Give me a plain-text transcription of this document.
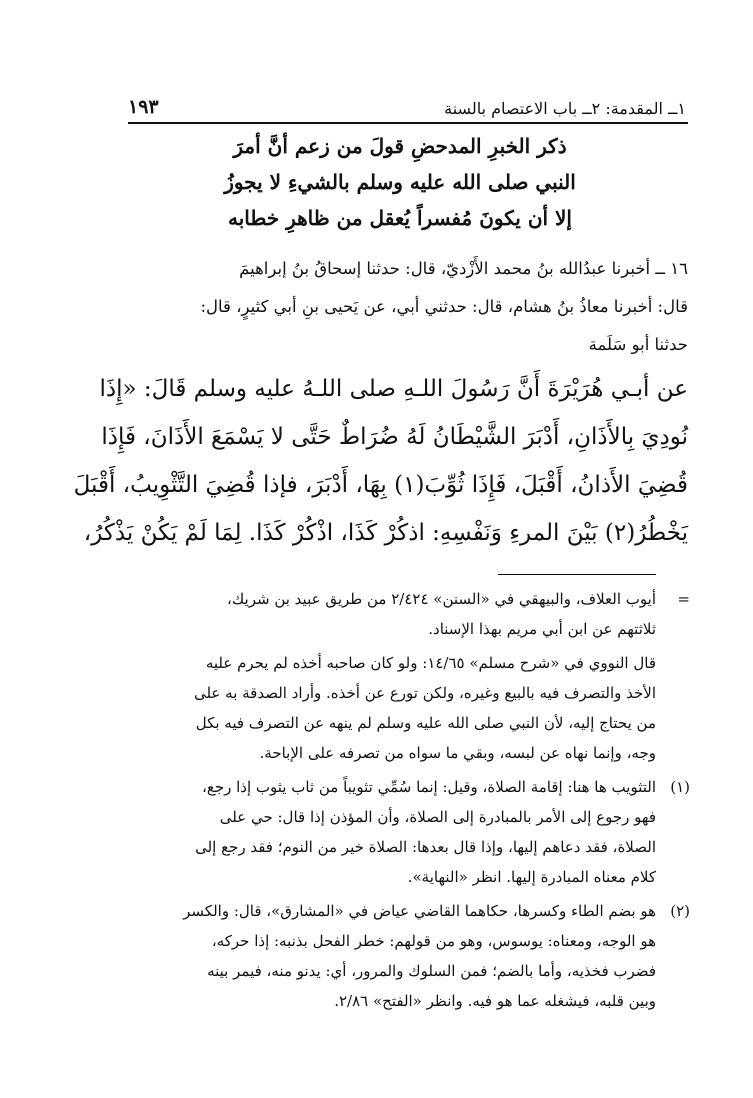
١ــ المقدمة: ٢ــ باب الاعتصام بالسنة
١٩٣
ذكر الخبرِ المدحضِ قولَ من زعم أنَّ أمرَ
النبي صلى الله عليه وسلم بالشيءِ لا يجوزُ
إلا أن يكونَ مُفسراً يُعقل من ظاهرِ خطابه
١٦ ــ أخبرنا عبدُالله بنُ محمد الأَزْديّ، قال: حدثنا إسحاقُ بنُ إبراهيمَ
قال: أخبرنا معاذُ بنُ هشام، قال: حدثني أبي، عن يَحيى بنِ أبي كثيرٍ، قال:
حدثنا أبو سَلَمة
عن أبـي هُرَيْرَةَ أَنَّ رَسُولَ اللـهِ صلى اللـهُ عليه وسلم قَالَ: «إِذَا
نُودِيَ بِالأَذَانِ، أَدْبَرَ الشَّيْطَانُ لَهُ ضُرَاطٌ حَتَّى لا يَسْمَعَ الأَذَانَ، فَإِذَا
قُضِيَ الأَذانُ، أَقْبَلَ، فَإِذَا ثُوِّبَ(١) بِهَا، أَدْبَرَ، فإذا قُضِيَ التَّثْوِيبُ، أَقْبَلَ
يَخْطُرُ(٢) بَيْنَ المرءِ وَنَفْسِهِ: اذكُرْ كَذَا، اذْكُرْ كَذَا. لِمَا لَمْ يَكُنْ يَذْكُرُ،
=
أيوب العلاف، والبيهقي في «السنن» ٢/٤٢٤ من طريق عبيد بن شريك،
ثلاثتهم عن ابن أبي مريم بهذا الإسناد.
قال النووي في «شرح مسلم» ١٤/٦٥: ولو كان صاحبه أخذه لم يحرم عليه
الأخذ والتصرف فيه بالبيع وغيره، ولكن تورع عن أخذه. وأراد الصدقة به على
من يحتاج إليه، لأن النبي صلى الله عليه وسلم لم ينهه عن التصرف فيه بكل
وجه، وإنما نهاه عن لبسه، وبقي ما سواه من تصرفه على الإباحة.
(١)
التثويب ها هنا: إقامة الصلاة، وقيل: إنما سُمِّي تثويباً من ثاب يثوب إذا رجع،
فهو رجوع إلى الأمر بالمبادرة إلى الصلاة، وأن المؤذن إذا قال: حي على
الصلاة، فقد دعاهم إليها، وإذا قال بعدها: الصلاة خير من النوم؛ فقد رجع إلى
كلام معناه المبادرة إليها. انظر «النهاية».
(٢)
هو بضم الطاء وكسرها، حكاهما القاضي عياض في «المشارق»، قال: والكسر
هو الوجه، ومعناه: يوسوس، وهو من قولهم: خطر الفحل بذنبه: إذا حركه،
فضرب فخذيه، وأما بالضم؛ فمن السلوك والمرور، أي: يدنو منه، فيمر بينه
وبين قلبه، فيشغله عما هو فيه. وانظر «الفتح» ٢/٨٦.
